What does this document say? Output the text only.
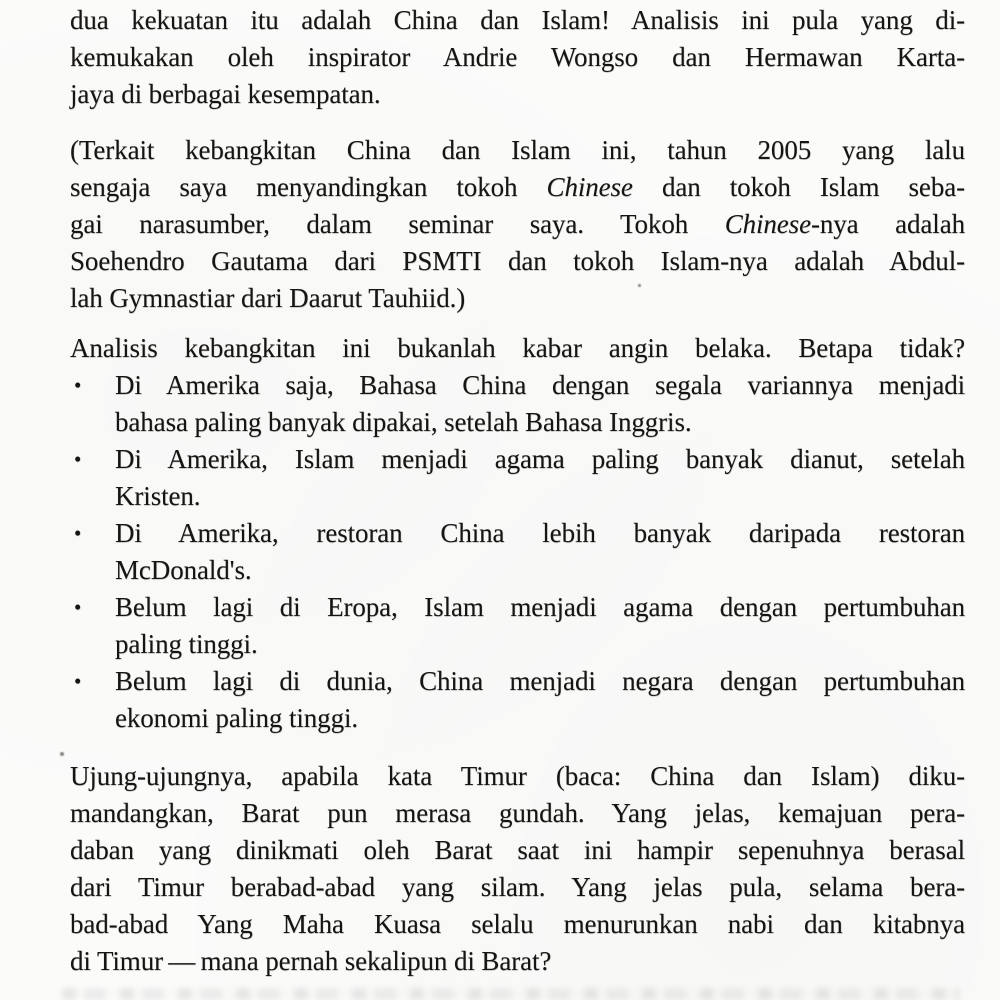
dua kekuatan itu adalah China dan Islam! Analisis ini pula yang di-
kemukakan oleh inspirator Andrie Wongso dan Hermawan Karta-
jaya di berbagai kesempatan.
(Terkait kebangkitan China dan Islam ini, tahun 2005 yang lalu
sengaja saya menyandingkan tokoh Chinese dan tokoh Islam seba-
gai narasumber, dalam seminar saya. Tokoh Chinese-nya adalah
Soehendro Gautama dari PSMTI dan tokoh Islam-nya adalah Abdul-
lah Gymnastiar dari Daarut Tauhiid.)
Analisis kebangkitan ini bukanlah kabar angin belaka. Betapa tidak?
•	Di Amerika saja, Bahasa China dengan segala variannya menjadi
bahasa paling banyak dipakai, setelah Bahasa Inggris.
•	Di Amerika, Islam menjadi agama paling banyak dianut, setelah
Kristen.
•	Di Amerika, restoran China lebih banyak daripada restoran
McDonald's.
•	Belum lagi di Eropa, Islam menjadi agama dengan pertumbuhan
paling tinggi.
•	Belum lagi di dunia, China menjadi negara dengan pertumbuhan
ekonomi paling tinggi.
Ujung-ujungnya, apabila kata Timur (baca: China dan Islam) diku-
mandangkan, Barat pun merasa gundah. Yang jelas, kemajuan pera-
daban yang dinikmati oleh Barat saat ini hampir sepenuhnya berasal
dari Timur berabad-abad yang silam. Yang jelas pula, selama bera-
bad-abad Yang Maha Kuasa selalu menurunkan nabi dan kitabnya
di Timur — mana pernah sekalipun di Barat?
